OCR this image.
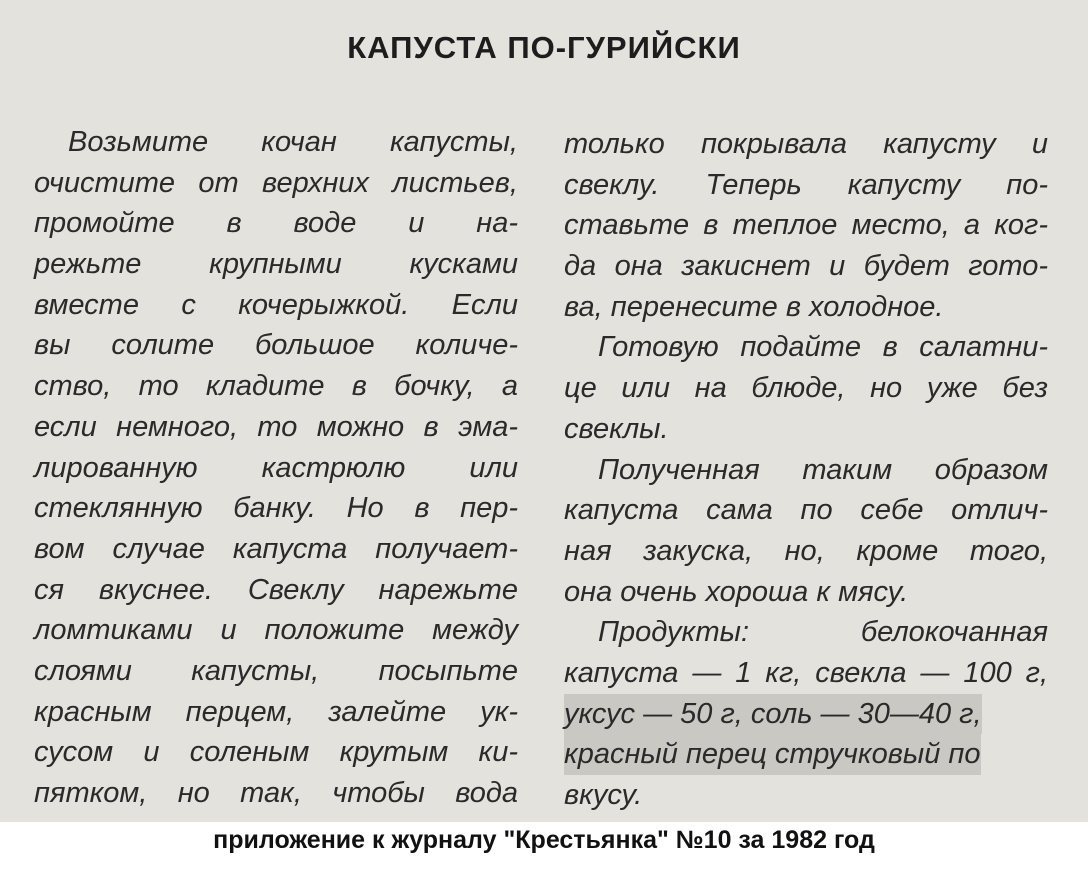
КАПУСТА ПО-ГУРИЙСКИ
Возьмите кочан капусты,
очистите от верхних листьев,
промойте в воде и на-
режьте крупными кусками
вместе с кочерыжкой. Если
вы солите большое количе-
ство, то кладите в бочку, а
если немного, то можно в эма-
лированную кастрюлю или
стеклянную банку. Но в пер-
вом случае капуста получает-
ся вкуснее. Свеклу нарежьте
ломтиками и положите между
слоями капусты, посыпьте
красным перцем, залейте ук-
сусом и соленым крутым ки-
пятком, но так, чтобы вода
только покрывала капусту и
свеклу. Теперь капусту по-
ставьте в теплое место, а ког-
да она закиснет и будет гото-
ва, перенесите в холодное.
Готовую подайте в салатни-
це или на блюде, но уже без
свеклы.
Полученная таким образом
капуста сама по себе отлич-
ная закуска, но, кроме того,
она очень хороша к мясу.
Продукты: белокочанная
капуста — 1 кг, свекла — 100 г,
уксус — 50 г, соль — 30—40 г, красный перец стручковый по
вкусу.
приложение к журналу "Крестьянка" №10 за 1982 год
